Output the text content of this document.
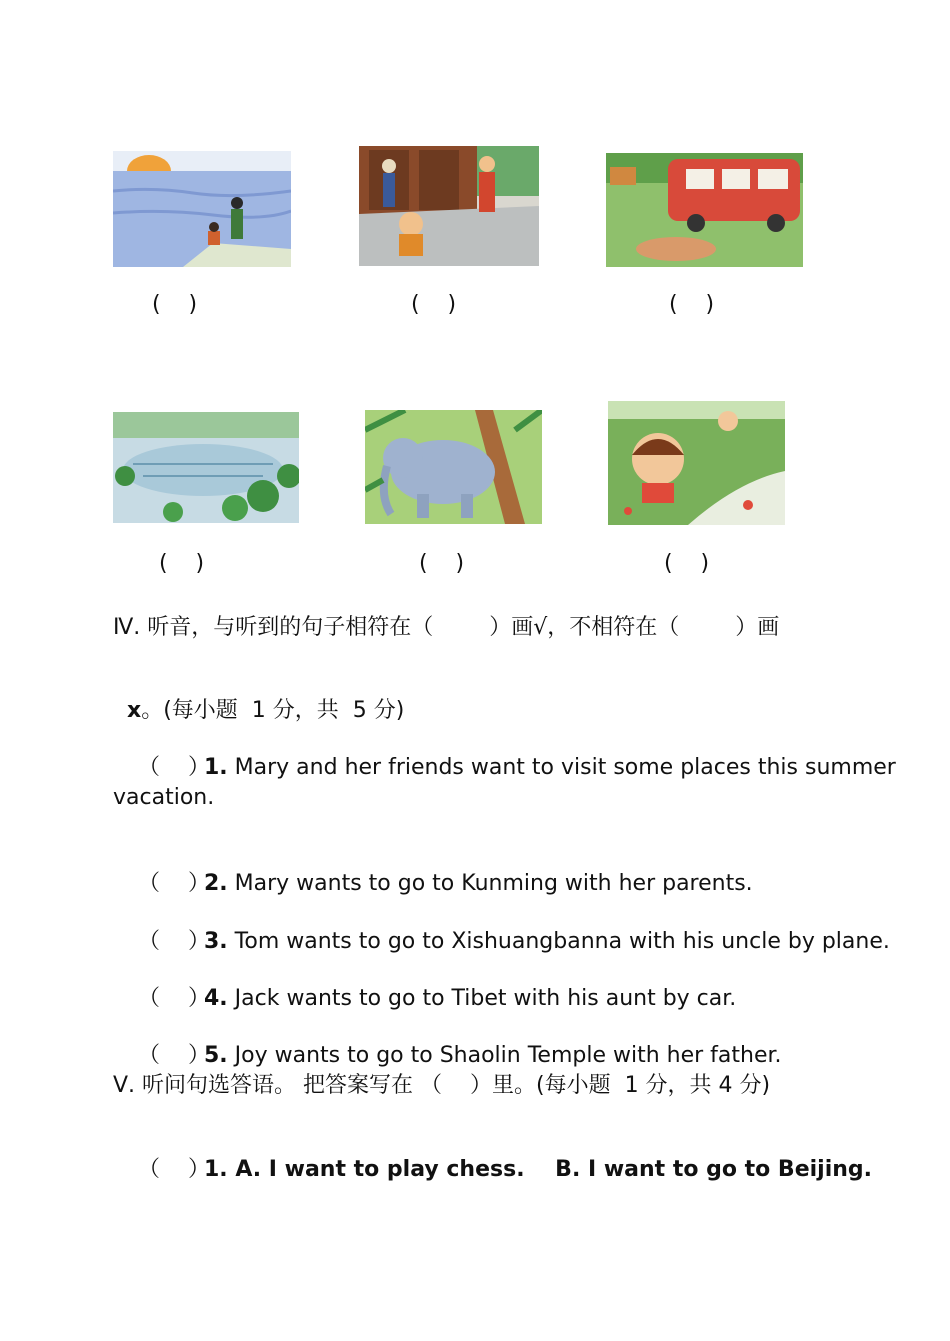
(    )	(    )	(    )
(    )	(    )	(    )
Ⅳ. 听音，与听到的句子相符在（        ）画√，不相符在（        ）画

x。(每小题  1 分，共  5 分)

（    ）1. Mary and her friends want to visit some places this summer

vacation.

（    ）2. Mary wants to go to Kunming with her parents.

（    ）3. Tom wants to go to Xishuangbanna with his uncle by plane.

（    ）4. Jack wants to go to Tibet with his aunt by car.

（    ）5. Joy wants to go to Shaolin Temple with her father.

Ⅴ. 听问句选答语。 把答案写在 （    ）里。(每小题  1 分，共 4 分)

（    ）1. A. I want to play chess.    B. I want to go to Beijing.
